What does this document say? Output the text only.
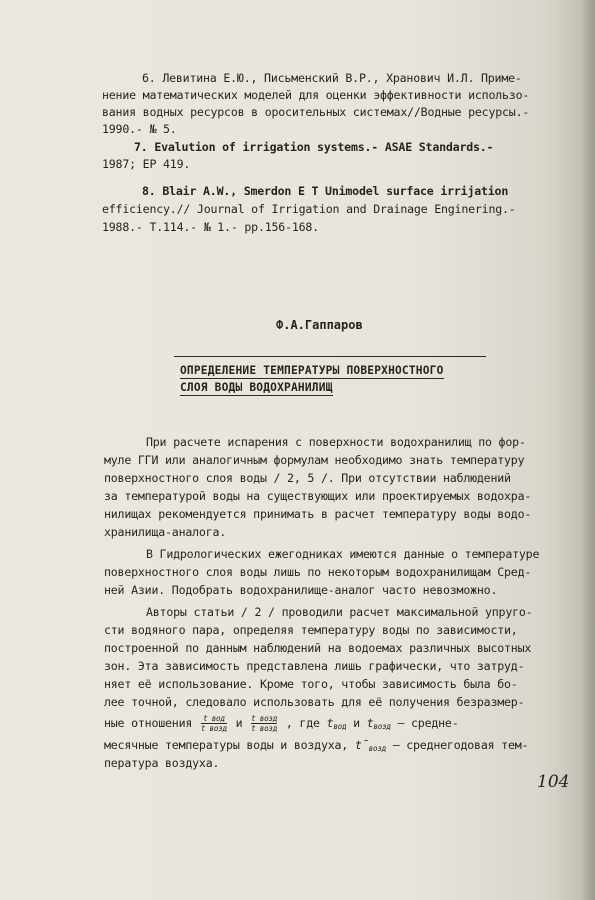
6. Левитина Е.Ю., Письменский В.Р., Хранович И.Л. Приме-
нение математических моделей для оценки эффективности использо-
вания водных ресурсов в оросительных системах//Водные ресурсы.-
1990.- № 5.
7. Evalution of irrigation systems.- ASAE Standards.-
1987; EP 419.
8. Blair A.W., Smerdon E T Unimodel surface irrijation
efficiency.// Journal of Irrigation and Drainage Enginering.-
1988.- T.114.- № 1.- pp.156-168.
Ф.А.Гаппаров
ОПРЕДЕЛЕНИЕ ТЕМПЕРАТУРЫ ПОВЕРХНОСТНОГО
СЛОЯ ВОДЫ ВОДОХРАНИЛИЩ
При расчете испарения с поверхности водохранилищ по фор-
муле ГГИ или аналогичным формулам необходимо знать температуру
поверхностного слоя воды / 2, 5 /. При отсутствии наблюдений
за температурой воды на существующих или проектируемых водохра-
нилищах рекомендуется принимать в расчет температуру воды водо-
хранилища-аналога.
В Гидрологических ежегодниках имеются данные о температуре
поверхностного слоя воды лишь по некоторым водохранилищам Сред-
ней Азии. Подобрать водохранилище-аналог часто невозможно.
Авторы статьи / 2 / проводили расчет максимальной упруго-
сти водяного пара, определяя температуру воды по зависимости,
построенной по данным наблюдений на водоемах различных высотных
зон. Эта зависимость представлена лишь графически, что затруд-
няет её использование. Кроме того, чтобы зависимость была бо-
лее точной, следовало использовать для её получения безразмер-
ные отношения $\frac{\text{t вод}}{\text{t возд}}$ и $\frac{\text{t возд}}{\text{t возд}}$ , где $t_{вод}$ и $t_{возд}$ – средне-
месячные температуры воды и воздуха, $t̄_{возд}$ – среднегодовая тем-
пература воздуха.
104
